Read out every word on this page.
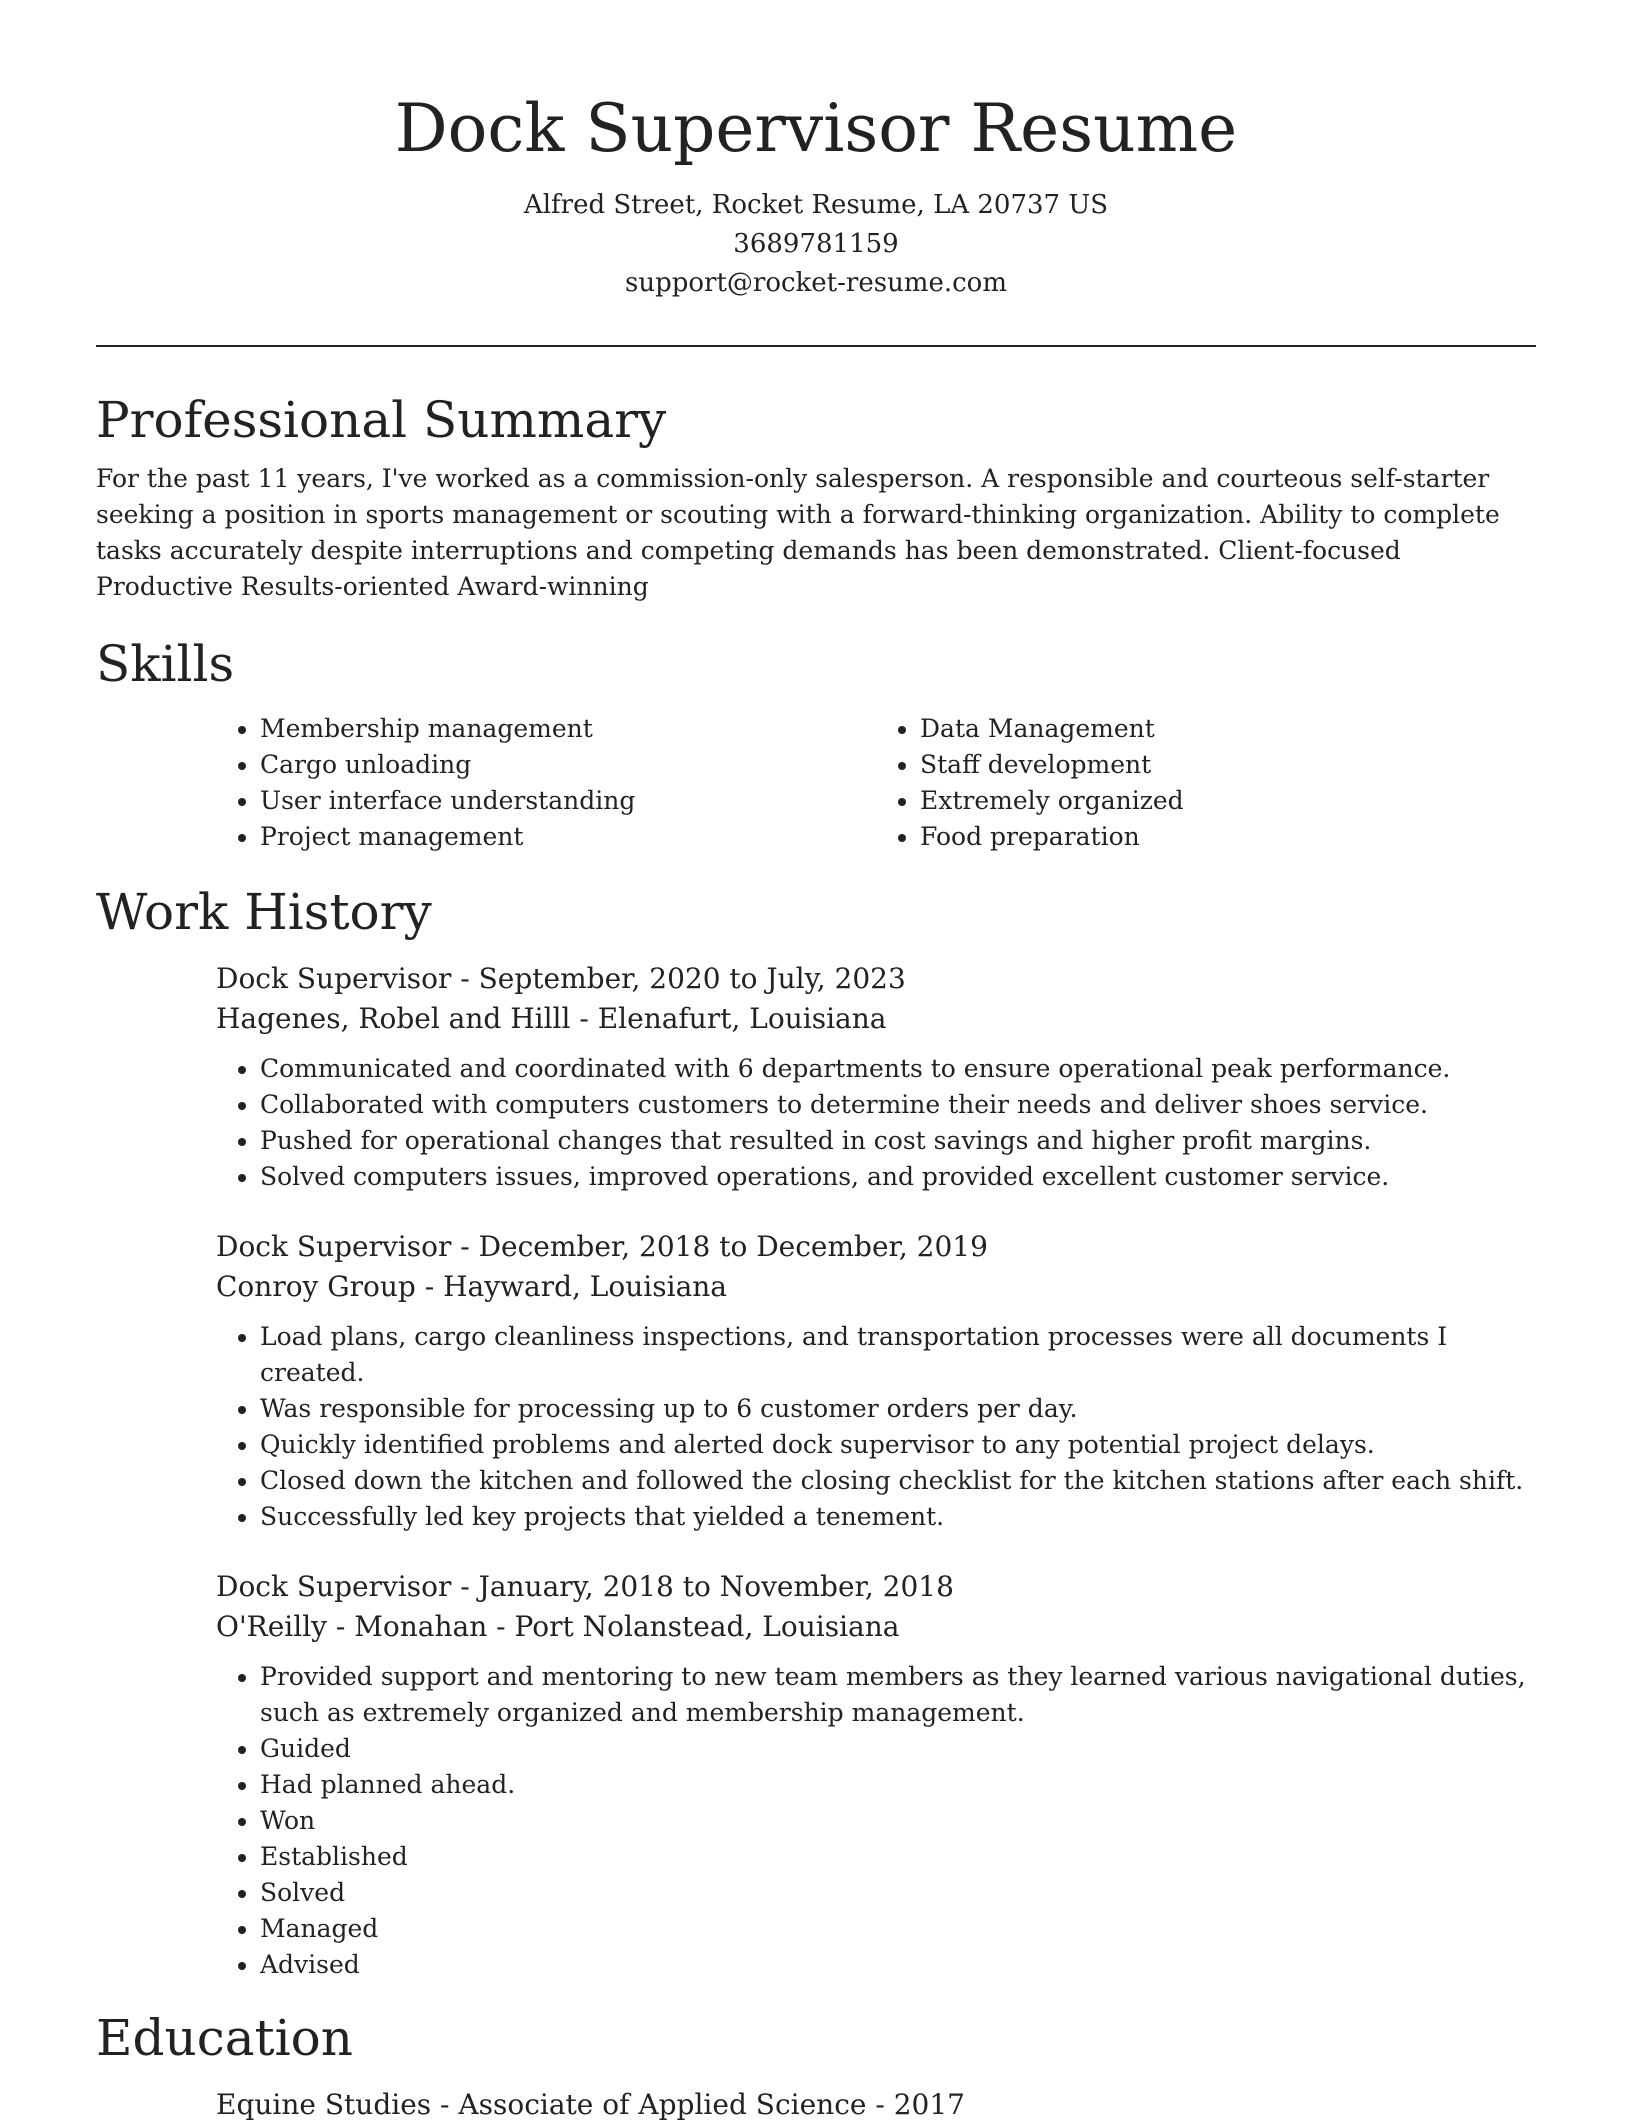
Dock Supervisor Resume
Alfred Street, Rocket Resume, LA 20737 US
3689781159
support@rocket-resume.com
Professional Summary

For the past 11 years, I've worked as a commission-only salesperson. A responsible and courteous self-starter seeking a position in sports management or scouting with a forward-thinking organization. Ability to complete tasks accurately despite interruptions and competing demands has been demonstrated. Client-focused Productive Results-oriented Award-winning

Skills
• Membership management
• Cargo unloading
• User interface understanding
• Project management
• Data Management
• Staff development
• Extremely organized
• Food preparation
Work History
Dock Supervisor - September, 2020 to July, 2023
Hagenes, Robel and Hilll - Elenafurt, Louisiana
• Communicated and coordinated with 6 departments to ensure operational peak performance.
• Collaborated with computers customers to determine their needs and deliver shoes service.
• Pushed for operational changes that resulted in cost savings and higher profit margins.
• Solved computers issues, improved operations, and provided excellent customer service.
Dock Supervisor - December, 2018 to December, 2019
Conroy Group - Hayward, Louisiana
• Load plans, cargo cleanliness inspections, and transportation processes were all documents I created.
• Was responsible for processing up to 6 customer orders per day.
• Quickly identified problems and alerted dock supervisor to any potential project delays.
• Closed down the kitchen and followed the closing checklist for the kitchen stations after each shift.
• Successfully led key projects that yielded a tenement.
Dock Supervisor - January, 2018 to November, 2018
O'Reilly - Monahan - Port Nolanstead, Louisiana
• Provided support and mentoring to new team members as they learned various navigational duties, such as extremely organized and membership management.
• Guided
• Had planned ahead.
• Won
• Established
• Solved
• Managed
• Advised
Education
Equine Studies - Associate of Applied Science - 2017
